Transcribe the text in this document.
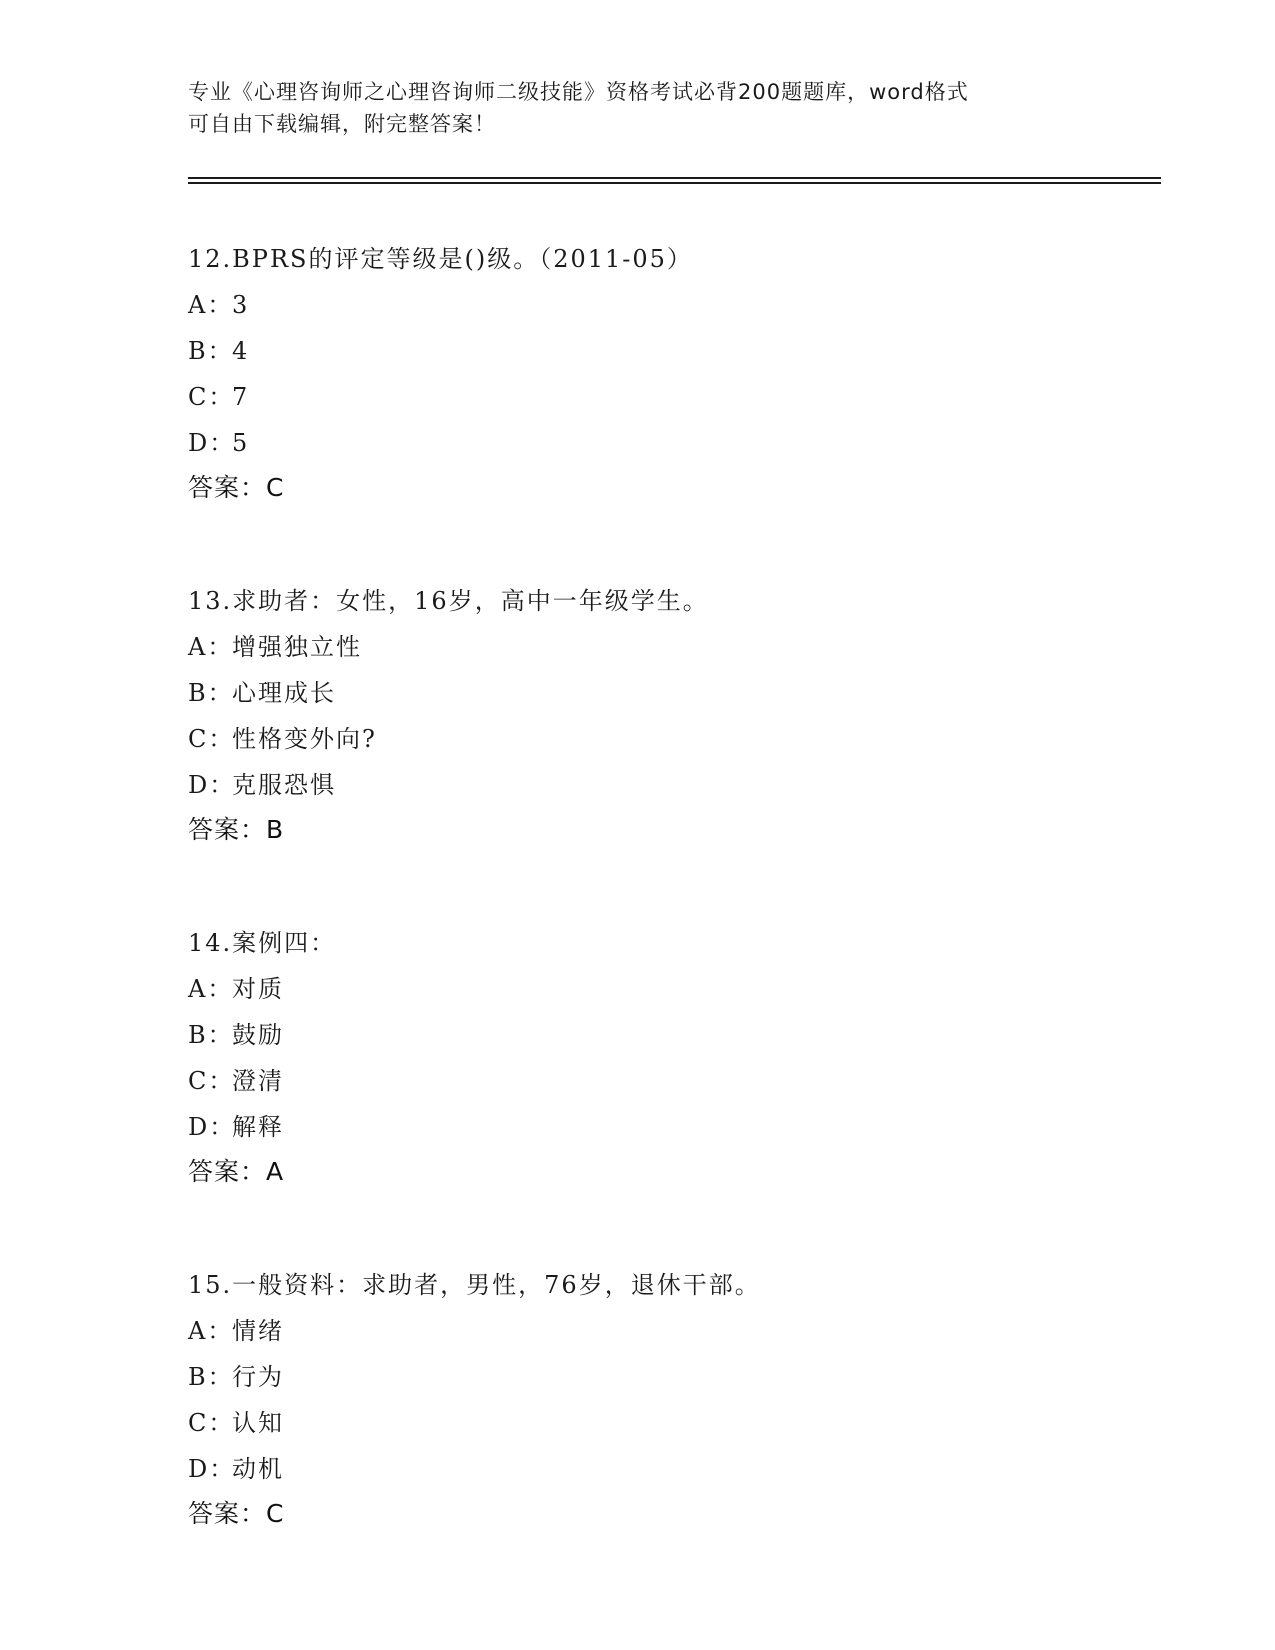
专业《心理咨询师之心理咨询师二级技能》资格考试必背200题题库，word格式
可自由下载编辑，附完整答案！
12.BPRS的评定等级是()级。（2011-05）
A：3
B：4
C：7
D：5
答案：C
13.求助者：女性，16岁，高中一年级学生。
A：增强独立性
B：心理成长
C：性格变外向?
D：克服恐惧
答案：B
14.案例四：
A：对质
B：鼓励
C：澄清
D：解释
答案：A
15.一般资料：求助者，男性，76岁，退休干部。
A：情绪
B：行为
C：认知
D：动机
答案：C
